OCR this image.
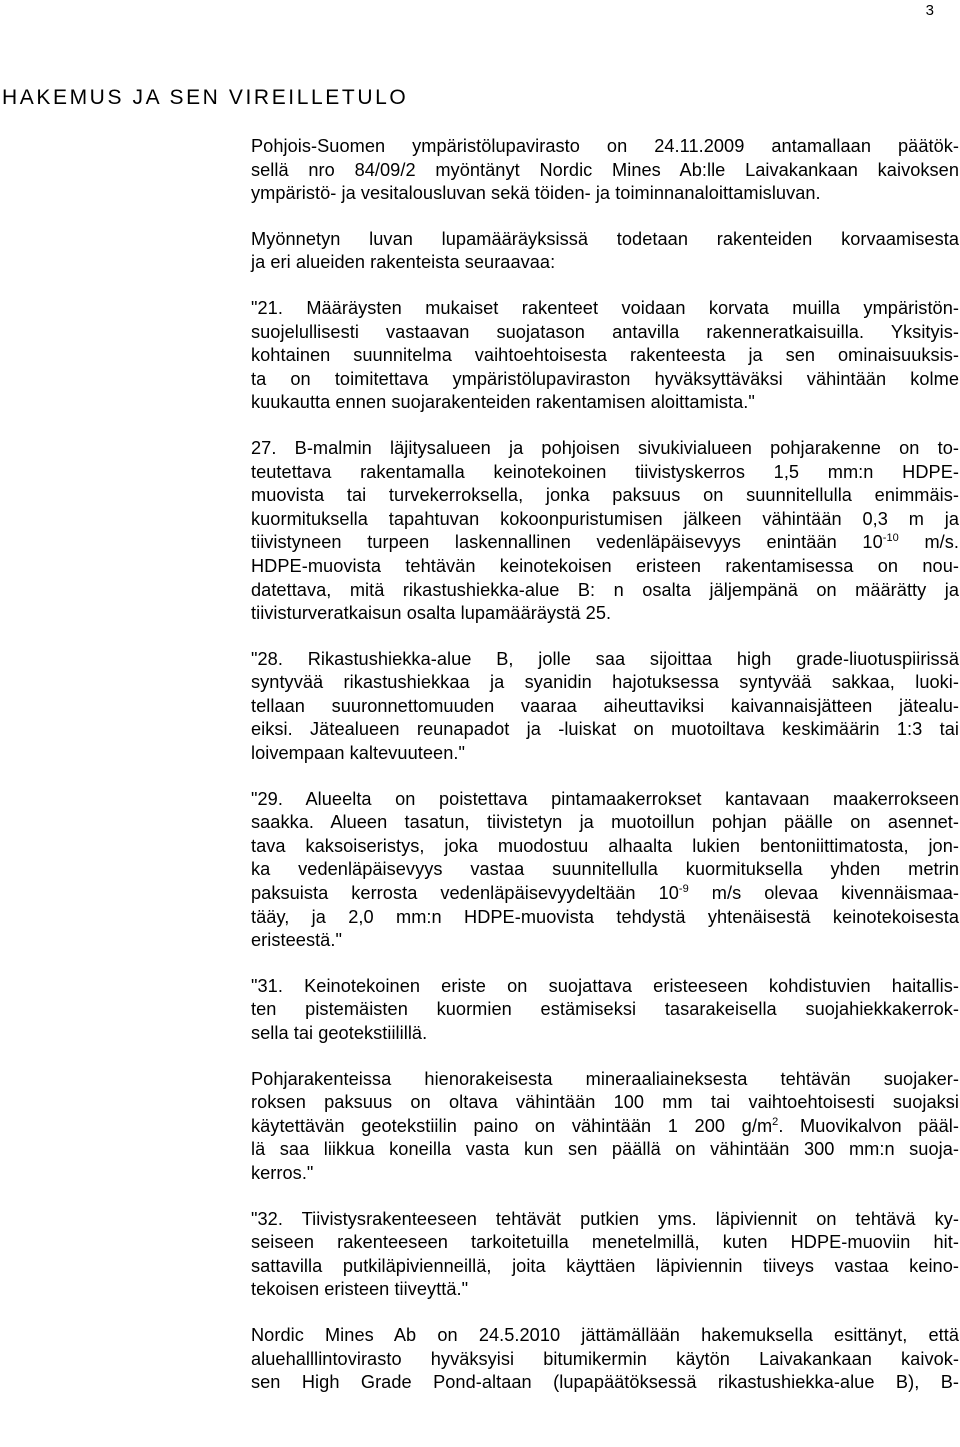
3
HAKEMUS JA SEN VIREILLETULO

Pohjois-Suomen ympäristölupavirasto on 24.11.2009 antamallaan päätök-
sellä nro 84/09/2 myöntänyt Nordic Mines Ab:lle Laivakankaan kaivoksen
ympäristö- ja vesitalousluvan sekä töiden- ja toiminnanaloittamisluvan.

Myönnetyn luvan lupamääräyksissä todetaan rakenteiden korvaamisesta
ja eri alueiden rakenteista seuraavaa:

"21. Määräysten mukaiset rakenteet voidaan korvata muilla ympäristön-
suojelullisesti vastaavan suojatason antavilla rakenneratkaisuilla. Yksityis-
kohtainen suunnitelma vaihtoehtoisesta rakenteesta ja sen ominaisuuksis-
ta on toimitettava ympäristölupaviraston hyväksyttäväksi vähintään kolme
kuukautta ennen suojarakenteiden rakentamisen aloittamista."

27. B-malmin läjitysalueen ja pohjoisen sivukivialueen pohjarakenne on to-
teutettava rakentamalla keinotekoinen tiivistyskerros 1,5 mm:n HDPE-
muovista tai turvekerroksella, jonka paksuus on suunnitellulla enimmäis-
kuormituksella tapahtuvan kokoonpuristumisen jälkeen vähintään 0,3 m ja
tiivistyneen turpeen laskennallinen vedenläpäisevyys enintään $10^{-10}$ m/s.
HDPE-muovista tehtävän keinotekoisen eristeen rakentamisessa on nou-
datettava, mitä rikastushiekka-alue B: n osalta jäljempänä on määrätty ja
tiivisturveratkaisun osalta lupamääräystä 25.

"28. Rikastushiekka-alue B, jolle saa sijoittaa high grade-liuotuspiirissä
syntyvää rikastushiekkaa ja syanidin hajotuksessa syntyvää sakkaa, luoki-
tellaan suuronnettomuuden vaaraa aiheuttaviksi kaivannaisjätteen jätealu-
eiksi. Jätealueen reunapadot ja -luiskat on muotoiltava keskimäärin 1:3 tai
loivempaan kaltevuuteen."

"29. Alueelta on poistettava pintamaakerrokset kantavaan maakerrokseen
saakka. Alueen tasatun, tiivistetyn ja muotoillun pohjan päälle on asennet-
tava kaksoiseristys, joka muodostuu alhaalta lukien bentoniittimatosta, jon-
ka vedenläpäisevyys vastaa suunnitellulla kuormituksella yhden metrin
paksuista kerrosta vedenläpäisevyydeltään $10^{-9}$ m/s olevaa kivennäismaa-
tääy, ja 2,0 mm:n HDPE-muovista tehdystä yhtenäisestä keinotekoisesta
eristeestä."

"31. Keinotekoinen eriste on suojattava eristeeseen kohdistuvien haitallis-
ten pistemäisten kuormien estämiseksi tasarakeisella suojahiekkakerrok-
sella tai geotekstiilillä.

Pohjarakenteissa hienorakeisesta mineraaliaineksesta tehtävän suojaker-
roksen paksuus on oltava vähintään 100 mm tai vaihtoehtoisesti suojaksi
käytettävän geotekstiilin paino on vähintään 1 200 $g/m^2$. Muovikalvon pääl-
lä saa liikkua koneilla vasta kun sen päällä on vähintään 300 mm:n suoja-
kerros."

"32. Tiivistysrakenteeseen tehtävät putkien yms. läpiviennit on tehtävä ky-
seiseen rakenteeseen tarkoitetuilla menetelmillä, kuten HDPE-muoviin hit-
sattavilla putkiläpivienneillä, joita käyttäen läpiviennin tiiveys vastaa keino-
tekoisen eristeen tiiveyttä."

Nordic Mines Ab on 24.5.2010 jättämällään hakemuksella esittänyt, että
aluehalllintovirasto hyväksyisi bitumikermin käytön Laivakankaan kaivok-
sen High Grade Pond-altaan (lupapäätöksessä rikastushiekka-alue B), B-
